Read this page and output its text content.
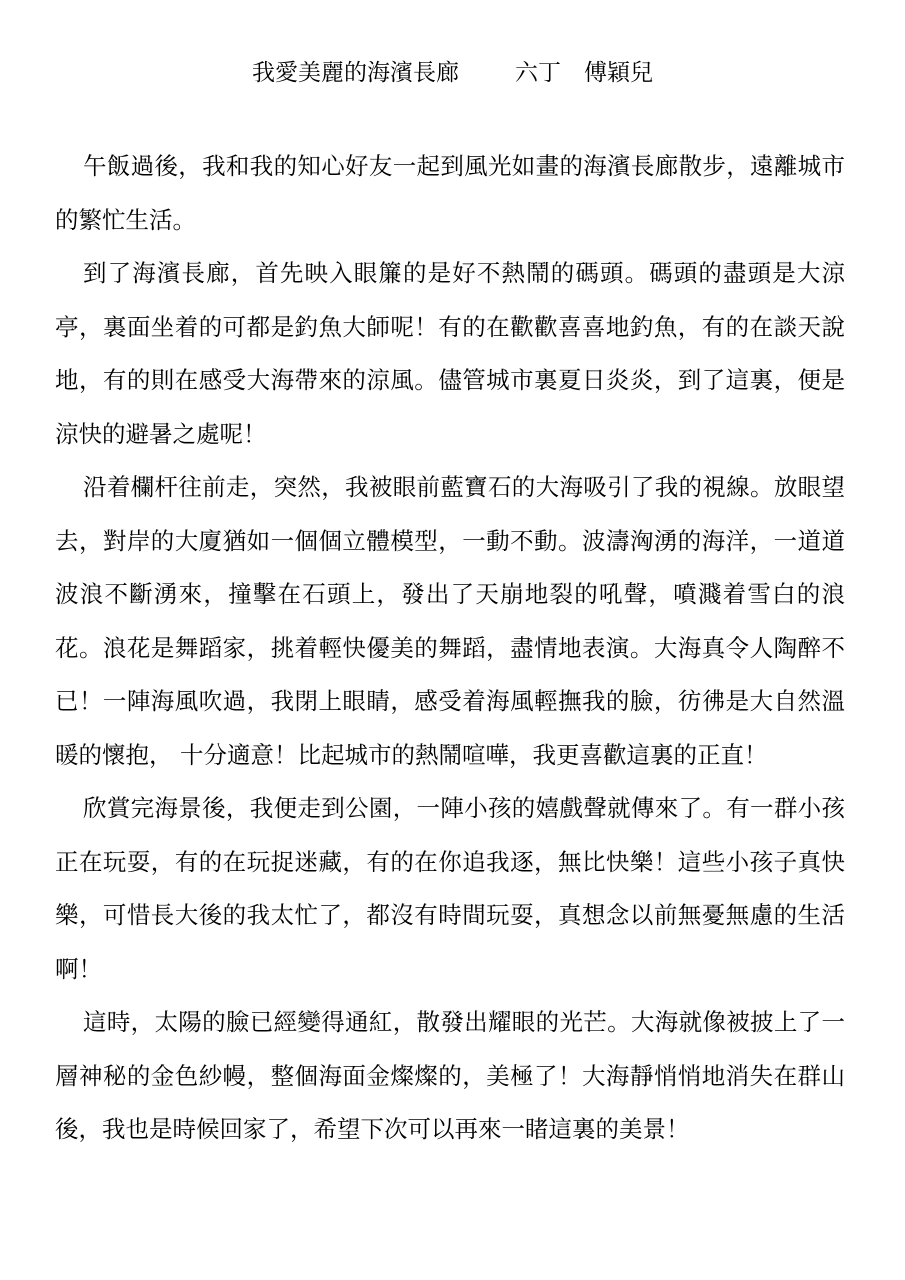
我愛美麗的海濱長廊 六丁　傅穎兒

午飯過後，我和我的知心好友一起到風光如畫的海濱長廊散步，遠離城市的繁忙生活。

到了海濱長廊，首先映入眼簾的是好不熱鬧的碼頭。碼頭的盡頭是大涼亭，裏面坐着的可都是釣魚大師呢！有的在歡歡喜喜地釣魚，有的在談天說地，有的則在感受大海帶來的涼風。儘管城市裏夏日炎炎，到了這裏，便是涼快的避暑之處呢！

沿着欄杆往前走，突然，我被眼前藍寶石的大海吸引了我的視線。放眼望去，對岸的大廈猶如一個個立體模型，一動不動。波濤洶湧的海洋，一道道波浪不斷湧來，撞擊在石頭上，發出了天崩地裂的吼聲，噴濺着雪白的浪花。浪花是舞蹈家，挑着輕快優美的舞蹈，盡情地表演。大海真令人陶醉不已！一陣海風吹過，我閉上眼睛，感受着海風輕撫我的臉，彷彿是大自然溫暖的懷抱， 十分適意！比起城市的熱鬧喧嘩，我更喜歡這裏的正直！

欣賞完海景後，我便走到公園，一陣小孩的嬉戲聲就傳來了。有一群小孩正在玩耍，有的在玩捉迷藏，有的在你追我逐，無比快樂！這些小孩子真快樂，可惜長大後的我太忙了，都沒有時間玩耍，真想念以前無憂無慮的生活啊！

這時，太陽的臉已經變得通紅，散發出耀眼的光芒。大海就像被披上了一層神秘的金色紗幔，整個海面金燦燦的，美極了！大海靜悄悄地消失在群山後，我也是時候回家了，希望下次可以再來一睹這裏的美景！
